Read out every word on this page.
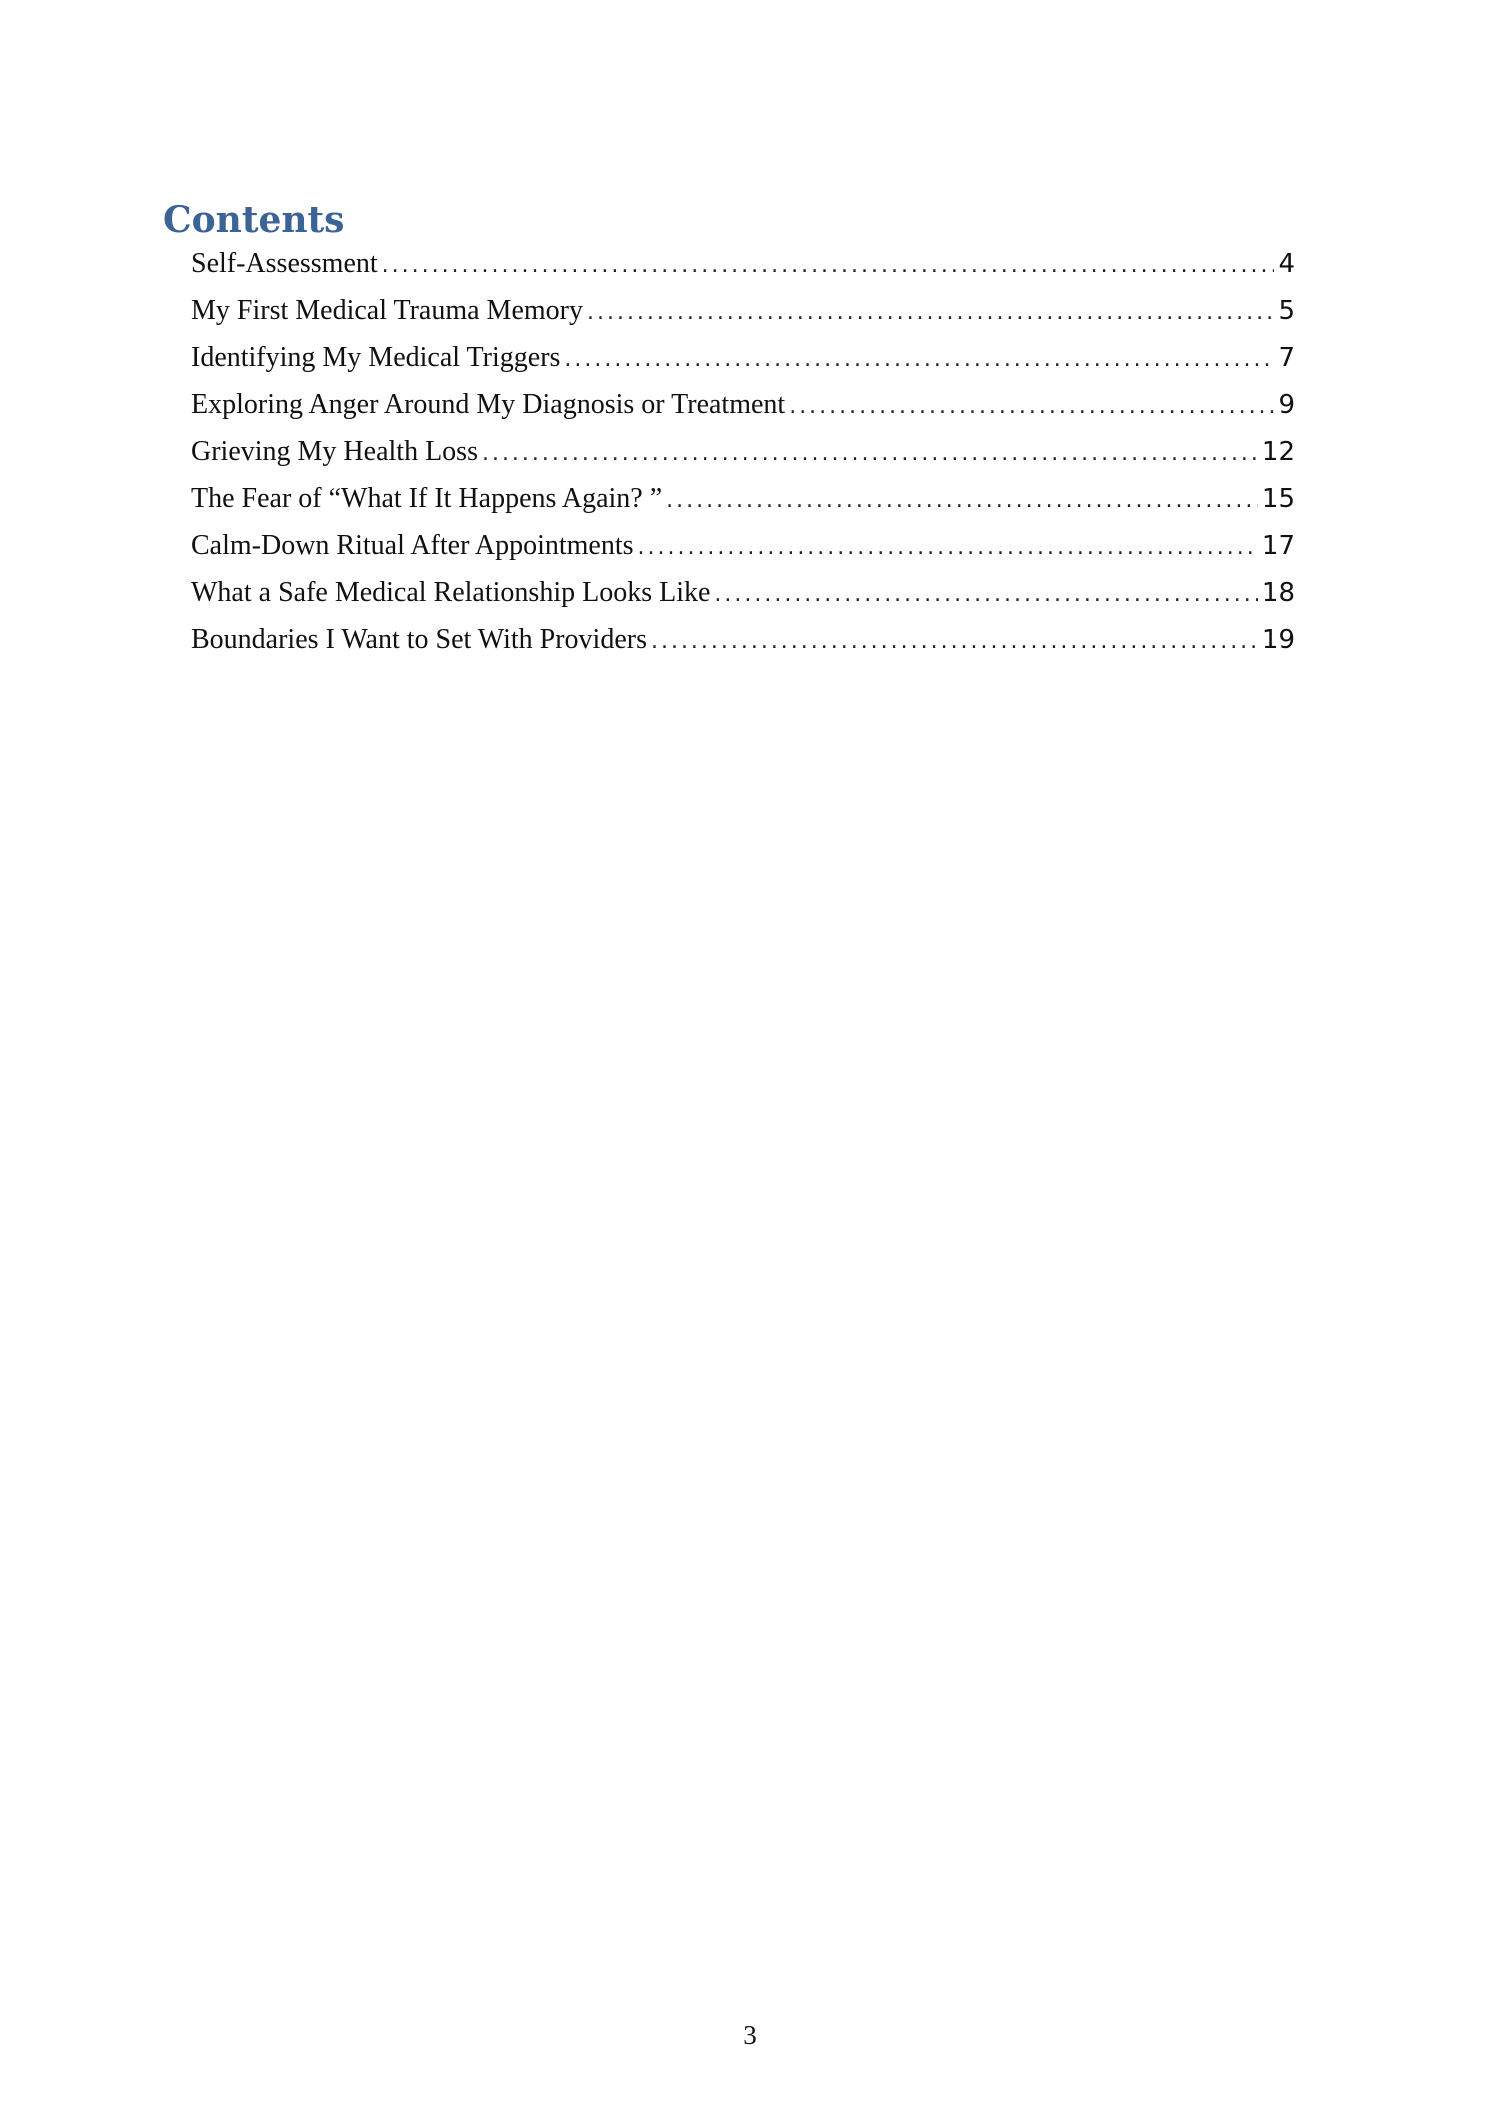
Contents
Self-Assessment . . .	4
My First Medical Trauma Memory . . .	5
Identifying My Medical Triggers . . .	7
Exploring Anger Around My Diagnosis or Treatment . . .	9
Grieving My Health Loss . . .	12
The Fear of “What If It Happens Again? ” . . .	15
Calm-Down Ritual After Appointments . . .	17
What a Safe Medical Relationship Looks Like . . .	18
Boundaries I Want to Set With Providers . . .	19
3
